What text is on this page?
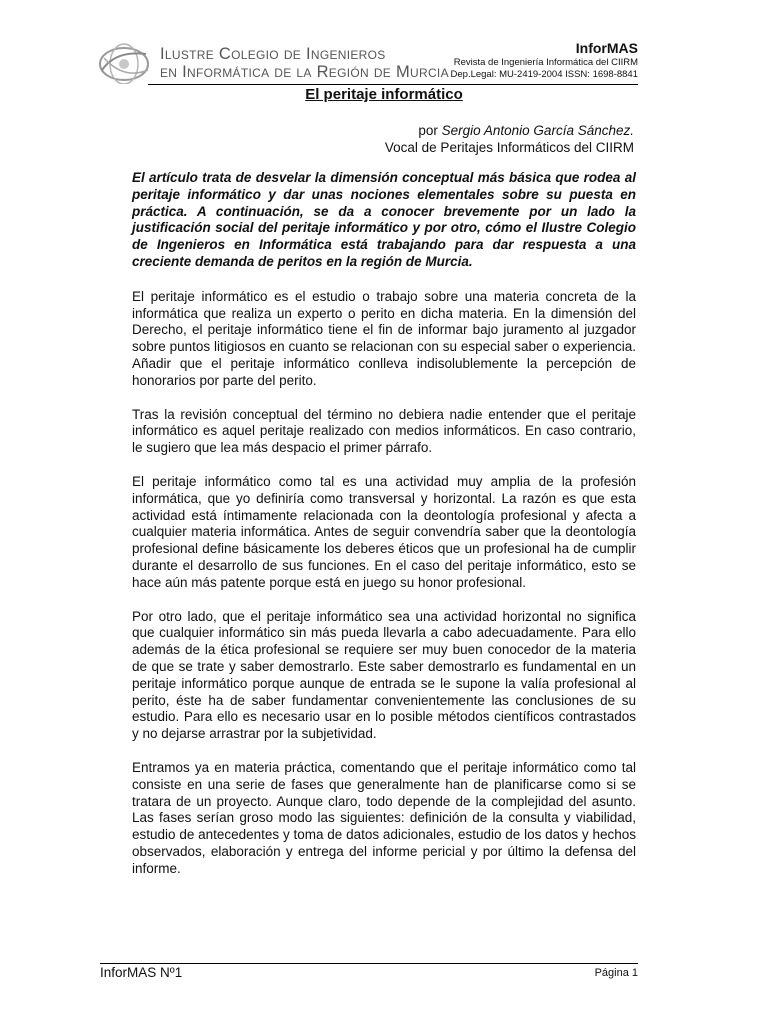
Ilustre Colegio de Ingenieros
en Informática de la Región de Murcia
InforMAS
Revista de Ingeniería Informática del CIIRM
Dep.Legal: MU-2419-2004 ISSN: 1698-8841
El peritaje informático
por Sergio Antonio García Sánchez.
Vocal de Peritajes Informáticos del CIIRM

El artículo trata de desvelar la dimensión conceptual más básica que rodea al peritaje informático y dar unas nociones elementales sobre su puesta en práctica. A continuación, se da a conocer brevemente por un lado la justificación social del peritaje informático y por otro, cómo el Ilustre Colegio de Ingenieros en Informática está trabajando para dar respuesta a una creciente demanda de peritos en la región de Murcia.

El peritaje informático es el estudio o trabajo sobre una materia concreta de la informática que realiza un experto o perito en dicha materia. En la dimensión del Derecho, el peritaje informático tiene el fin de informar bajo juramento al juzgador sobre puntos litigiosos en cuanto se relacionan con su especial saber o experiencia. Añadir que el peritaje informático conlleva indisolublemente la percepción de honorarios por parte del perito.

Tras la revisión conceptual del término no debiera nadie entender que el peritaje informático es aquel peritaje realizado con medios informáticos. En caso contrario, le sugiero que lea más despacio el primer párrafo.

El peritaje informático como tal es una actividad muy amplia de la profesión informática, que yo definiría como transversal y horizontal. La razón es que esta actividad está íntimamente relacionada con la deontología profesional y afecta a cualquier materia informática. Antes de seguir convendría saber que la deontología profesional define básicamente los deberes éticos que un profesional ha de cumplir durante el desarrollo de sus funciones. En el caso del peritaje informático, esto se hace aún más patente porque está en juego su honor profesional.

Por otro lado, que el peritaje informático sea una actividad horizontal no significa que cualquier informático sin más pueda llevarla a cabo adecuadamente. Para ello además de la ética profesional se requiere ser muy buen conocedor de la materia de que se trate y saber demostrarlo. Este saber demostrarlo es fundamental en un peritaje informático porque aunque de entrada se le supone la valía profesional al perito, éste ha de saber fundamentar convenientemente las conclusiones de su estudio. Para ello es necesario usar en lo posible métodos científicos contrastados y no dejarse arrastrar por la subjetividad.

Entramos ya en materia práctica, comentando que el peritaje informático como tal consiste en una serie de fases que generalmente han de planificarse como si se tratara de un proyecto. Aunque claro, todo depende de la complejidad del asunto. Las fases serían groso modo las siguientes: definición de la consulta y viabilidad, estudio de antecedentes y toma de datos adicionales, estudio de los datos y hechos observados, elaboración y entrega del informe pericial y por último la defensa del informe.

InforMAS Nº1	Página 1
